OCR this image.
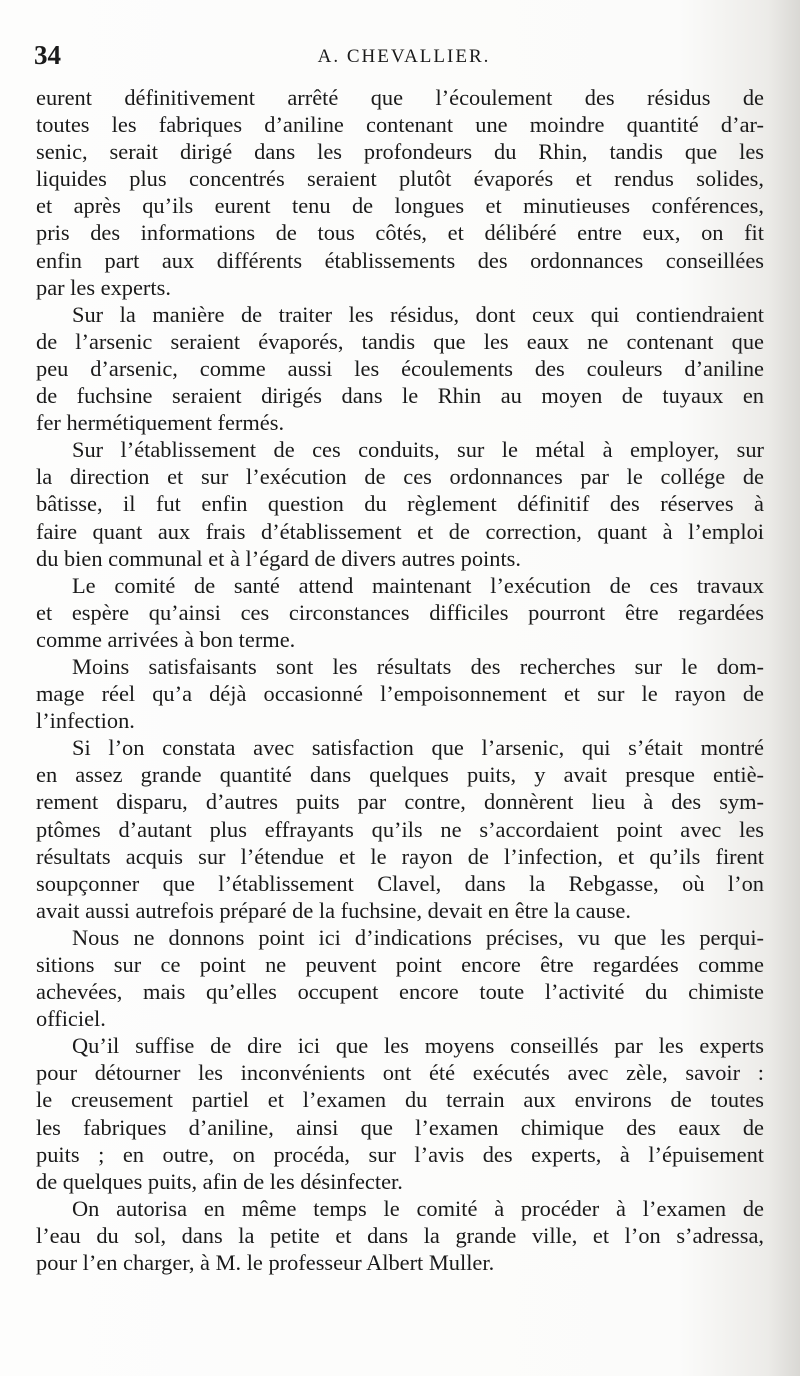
34	A. CHEVALLIER.
eurent définitivement arrêté que l’écoulement des résidus de
toutes les fabriques d’aniline contenant une moindre quantité d’ar-
senic, serait dirigé dans les profondeurs du Rhin, tandis que les
liquides plus concentrés seraient plutôt évaporés et rendus solides,
et après qu’ils eurent tenu de longues et minutieuses conférences,
pris des informations de tous côtés, et délibéré entre eux, on fit
enfin part aux différents établissements des ordonnances conseillées
par les experts.
Sur la manière de traiter les résidus, dont ceux qui contiendraient
de l’arsenic seraient évaporés, tandis que les eaux ne contenant que
peu d’arsenic, comme aussi les écoulements des couleurs d’aniline
de fuchsine seraient dirigés dans le Rhin au moyen de tuyaux en
fer hermétiquement fermés.
Sur l’établissement de ces conduits, sur le métal à employer, sur
la direction et sur l’exécution de ces ordonnances par le collége de
bâtisse, il fut enfin question du règlement définitif des réserves à
faire quant aux frais d’établissement et de correction, quant à l’emploi
du bien communal et à l’égard de divers autres points.
Le comité de santé attend maintenant l’exécution de ces travaux
et espère qu’ainsi ces circonstances difficiles pourront être regardées
comme arrivées à bon terme.
Moins satisfaisants sont les résultats des recherches sur le dom-
mage réel qu’a déjà occasionné l’empoisonnement et sur le rayon de
l’infection.
Si l’on constata avec satisfaction que l’arsenic, qui s’était montré
en assez grande quantité dans quelques puits, y avait presque entiè-
rement disparu, d’autres puits par contre, donnèrent lieu à des sym-
ptômes d’autant plus effrayants qu’ils ne s’accordaient point avec les
résultats acquis sur l’étendue et le rayon de l’infection, et qu’ils firent
soupçonner que l’établissement Clavel, dans la Rebgasse, où l’on
avait aussi autrefois préparé de la fuchsine, devait en être la cause.
Nous ne donnons point ici d’indications précises, vu que les perqui-
sitions sur ce point ne peuvent point encore être regardées comme
achevées, mais qu’elles occupent encore toute l’activité du chimiste
officiel.
Qu’il suffise de dire ici que les moyens conseillés par les experts
pour détourner les inconvénients ont été exécutés avec zèle, savoir :
le creusement partiel et l’examen du terrain aux environs de toutes
les fabriques d’aniline, ainsi que l’examen chimique des eaux de
puits ; en outre, on procéda, sur l’avis des experts, à l’épuisement
de quelques puits, afin de les désinfecter.
On autorisa en même temps le comité à procéder à l’examen de
l’eau du sol, dans la petite et dans la grande ville, et l’on s’adressa,
pour l’en charger, à M. le professeur Albert Muller.
